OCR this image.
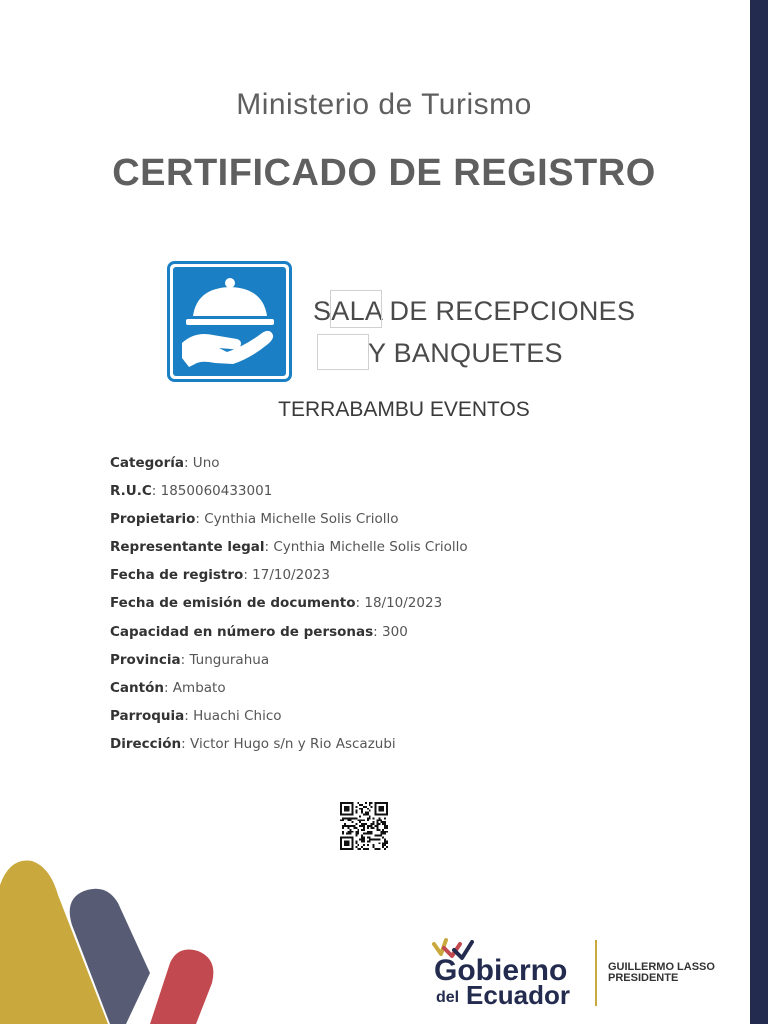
Ministerio de Turismo
CERTIFICADO DE REGISTRO
SALA DE RECEPCIONES
Y BANQUETES
TERRABAMBU EVENTOS
Categoría: Uno
R.U.C: 1850060433001
Propietario: Cynthia Michelle Solis Criollo
Representante legal: Cynthia Michelle Solis Criollo
Fecha de registro: 17/10/2023
Fecha de emisión de documento: 18/10/2023
Capacidad en número de personas: 300
Provincia: Tungurahua
Cantón: Ambato
Parroquia: Huachi Chico
Dirección: Victor Hugo s/n y Rio Ascazubi
Gobierno
del Ecuador
GUILLERMO LASSO
PRESIDENTE
